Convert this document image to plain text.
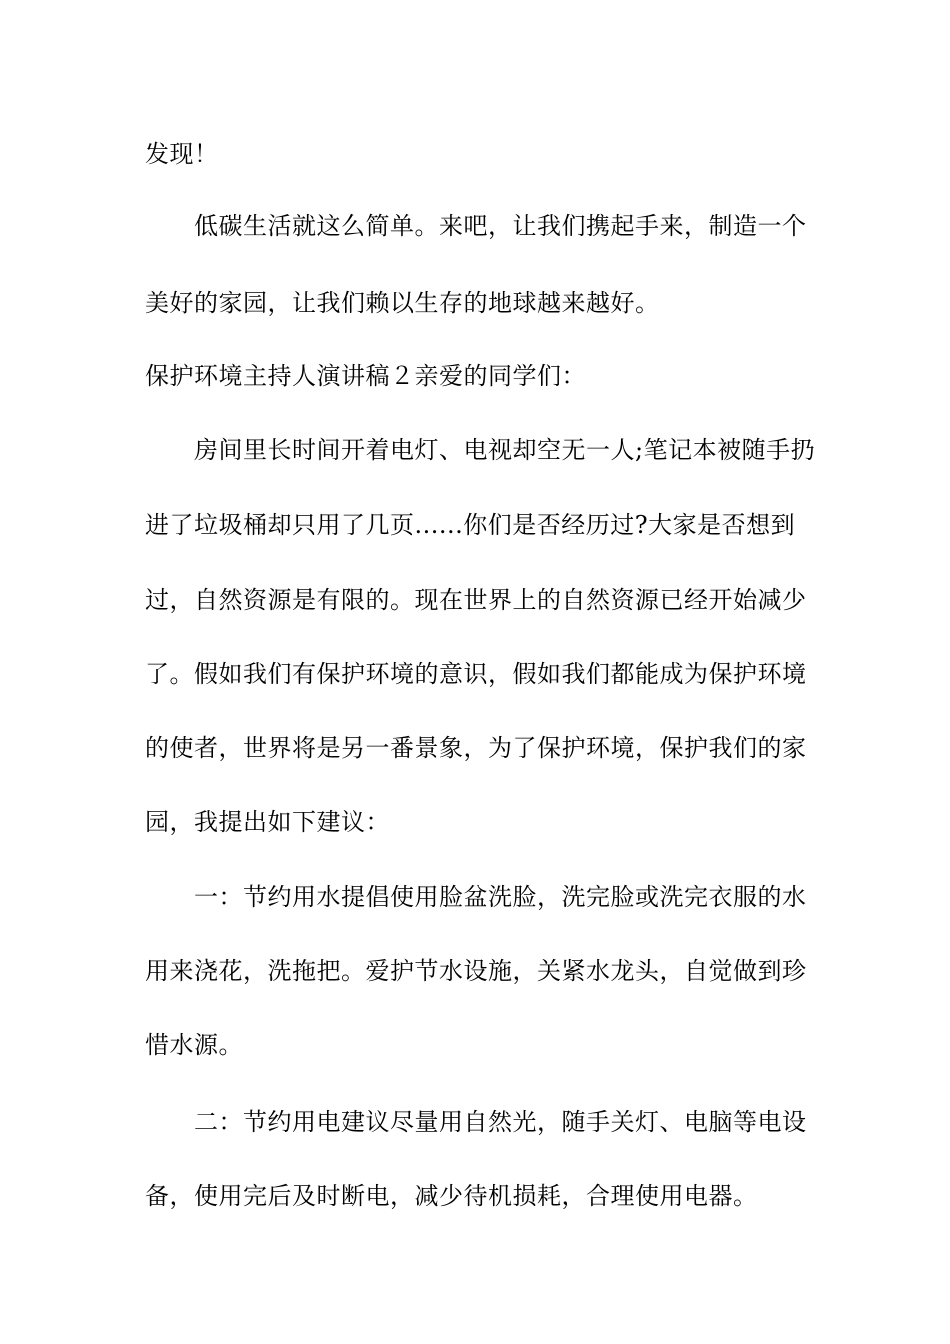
发现！
低碳生活就这么简单。来吧，让我们携起手来，制造一个
美好的家园，让我们赖以生存的地球越来越好。
保护环境主持人演讲稿２亲爱的同学们：
房间里长时间开着电灯、电视却空无一人;笔记本被随手扔
进了垃圾桶却只用了几页......你们是否经历过?大家是否想到
过，自然资源是有限的。现在世界上的自然资源已经开始减少
了。假如我们有保护环境的意识，假如我们都能成为保护环境
的使者，世界将是另一番景象，为了保护环境，保护我们的家
园，我提出如下建议：
一：节约用水提倡使用脸盆洗脸，洗完脸或洗完衣服的水
用来浇花，洗拖把。爱护节水设施，关紧水龙头，自觉做到珍
惜水源。
二：节约用电建议尽量用自然光，随手关灯、电脑等电设
备，使用完后及时断电，减少待机损耗，合理使用电器。
